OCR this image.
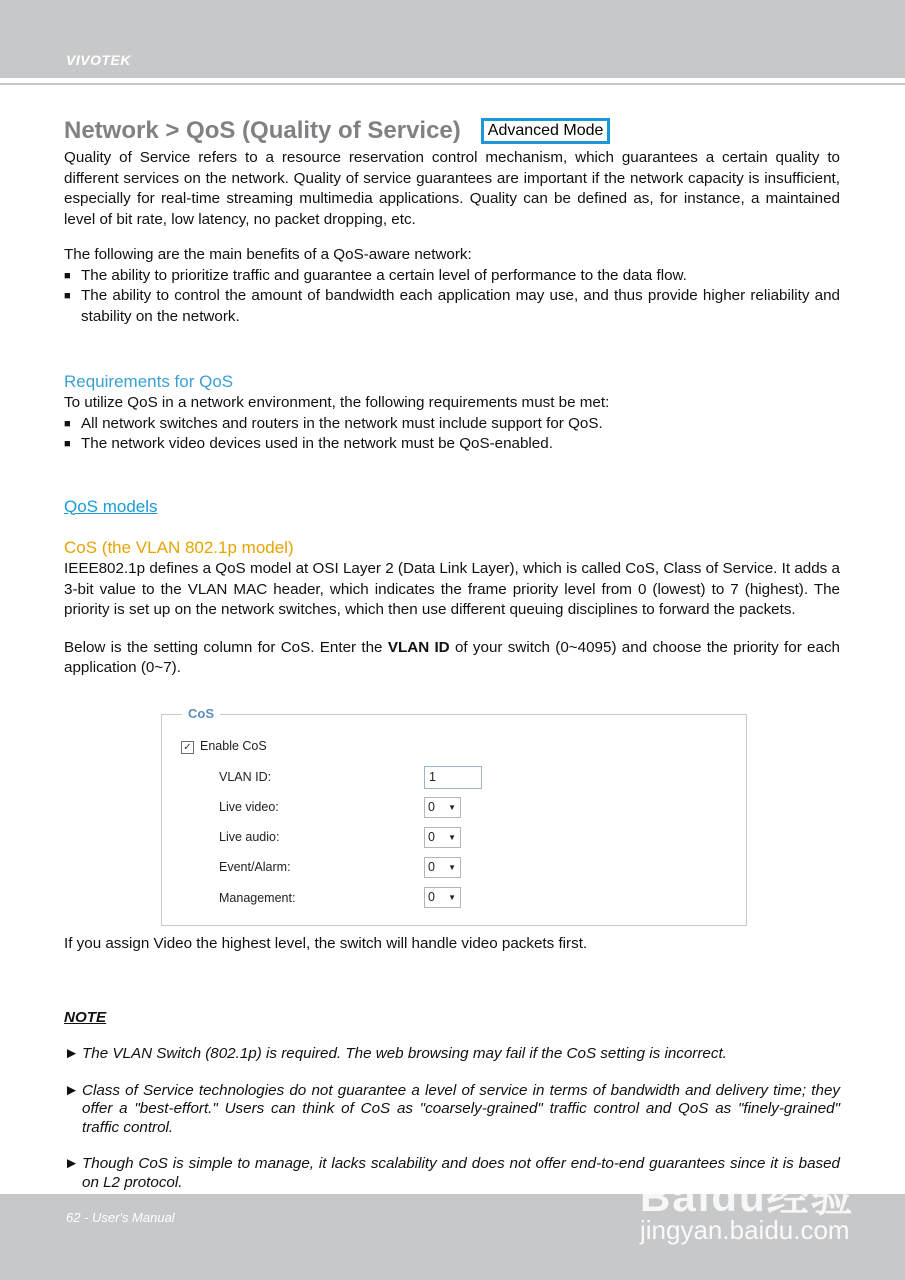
VIVOTEK
Network > QoS (Quality of Service)	Advanced Mode

Quality of Service refers to a resource reservation control mechanism, which guarantees a certain quality to different services on the network. Quality of service guarantees are important if the network capacity is insufficient, especially for real-time streaming multimedia applications. Quality can be defined as, for instance, a maintained level of bit rate, low latency, no packet dropping, etc.

The following are the main benefits of a QoS-aware network:

■ The ability to prioritize traffic and guarantee a certain level of performance to the data flow.
■ The ability to control the amount of bandwidth each application may use, and thus provide higher reliability and stability on the network.
Requirements for QoS

To utilize QoS in a network environment, the following requirements must be met:

■ All network switches and routers in the network must include support for QoS.
■ The network video devices used in the network must be QoS-enabled.
QoS models
CoS (the VLAN 802.1p model)

IEEE802.1p defines a QoS model at OSI Layer 2 (Data Link Layer), which is called CoS, Class of Service. It adds a 3-bit value to the VLAN MAC header, which indicates the frame priority level from 0 (lowest) to 7 (highest). The priority is set up on the network switches, which then use different queuing disciplines to forward the packets.

Below is the setting column for CoS. Enter the VLAN ID of your switch (0~4095) and choose the priority for each application (0~7).

CoS
✓ Enable CoS
VLAN ID:	1
Live video:	0 ▼
Live audio:	0 ▼
Event/Alarm:	0 ▼
Management:	0 ▼

If you assign Video the highest level, the switch will handle video packets first.

NOTE
► The VLAN Switch (802.1p) is required. The web browsing may fail if the CoS setting is incorrect.
► Class of Service technologies do not guarantee a level of service in terms of bandwidth and delivery time; they offer a "best-effort." Users can think of CoS as "coarsely-grained" traffic control and QoS as "finely-grained" traffic control.
► Though CoS is simple to manage, it lacks scalability and does not offer end-to-end guarantees since it is based on L2 protocol.
62 - User's Manual	Baidu经验
jingyan.baidu.com
